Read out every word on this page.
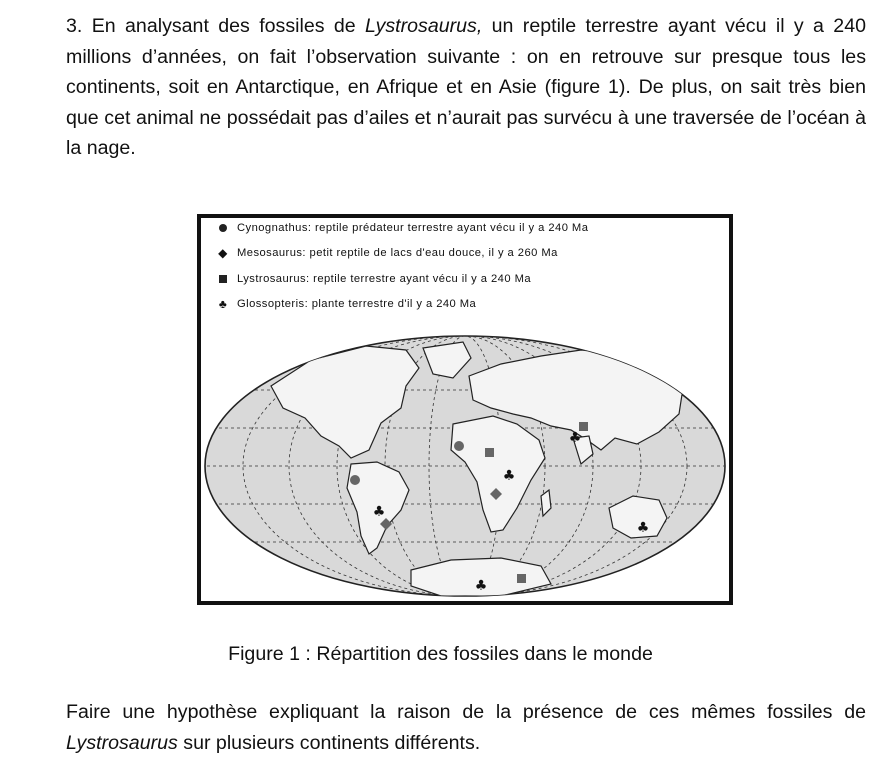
3. En analysant des fossiles de Lystrosaurus, un reptile terrestre ayant vécu il y a 240 millions d’années, on fait l’observation suivante : on en retrouve sur presque tous les continents, soit en Antarctique, en Afrique et en Asie (figure 1). De plus, on sait très bien que cet animal ne possédait pas d’ailes et n’aurait pas survécu à une traversée de l’océan à la nage.

Cynognathus: reptile prédateur terrestre ayant vécu il y a 240 Ma
◆ Mesosaurus: petit reptile de lacs d'eau douce, il y a 260 Ma
Lystrosaurus: reptile terrestre ayant vécu il y a 240 Ma
♣ Glossopteris: plante terrestre d'il y a 240 Ma
♣
♣
♣
♣
♣

Figure 1 : Répartition des fossiles dans le monde

Faire une hypothèse expliquant la raison de la présence de ces mêmes fossiles de Lystrosaurus sur plusieurs continents différents.
